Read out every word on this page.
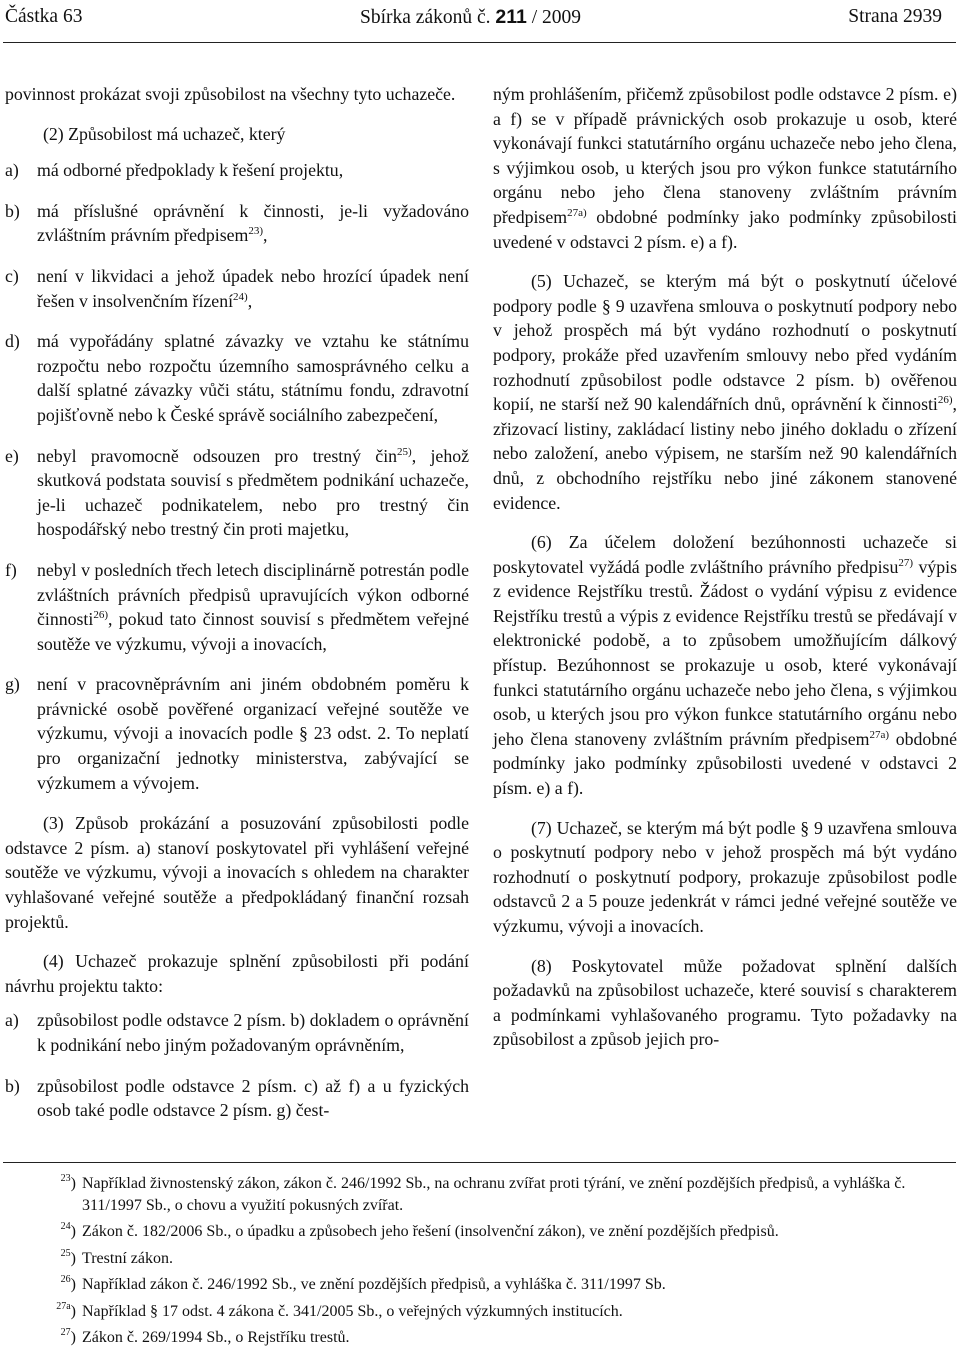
Částka 63	Sbírka zákonů č. 211 / 2009	Strana 2939

povinnost prokázat svoji způsobilost na všechny tyto uchazeče.

(2) Způsobilost má uchazeč, který

a)	má odborné předpoklady k řešení projektu,
b) má příslušné oprávnění k činnosti, je-li vyžadováno zvláštním právním předpisem$^{23)}$,
c)	není v likvidaci a jehož úpadek nebo hrozící úpadek není řešen v insolvenčním řízení$^{24)}$,
d) má vypořádány splatné závazky ve vztahu ke státnímu rozpočtu nebo rozpočtu územního samosprávného celku a další splatné závazky vůči státu, státnímu fondu, zdravotní pojišťovně nebo k České správě sociálního zabezpečení,
e)	nebyl pravomocně odsouzen pro trestný čin$^{25)}$, jehož skutková podstata souvisí s předmětem podnikání uchazeče, je-li uchazeč podnikatelem, nebo pro trestný čin hospodářský nebo trestný čin proti majetku,
f)	nebyl v posledních třech letech disciplinárně potrestán podle zvláštních právních předpisů upravujících výkon odborné činnosti$^{26)}$, pokud tato činnost souvisí s předmětem veřejné soutěže ve výzkumu, vývoji a inovacích,
g) není v pracovněprávním ani jiném obdobném poměru k právnické osobě pověřené organizací veřejné soutěže ve výzkumu, vývoji a inovacích podle § 23 odst. 2. To neplatí pro organizační jednotky ministerstva, zabývající se výzkumem a vývojem.

(3) Způsob prokázání a posuzování způsobilosti podle odstavce 2 písm. a) stanoví poskytovatel při vyhlášení veřejné soutěže ve výzkumu, vývoji a inovacích s ohledem na charakter vyhlašované veřejné soutěže a předpokládaný finanční rozsah projektů.

(4) Uchazeč prokazuje splnění způsobilosti při podání návrhu projektu takto:

a)	způsobilost podle odstavce 2 písm. b) dokladem o oprávnění k podnikání nebo jiným požadovaným oprávněním,
b) způsobilost podle odstavce 2 písm. c) až f) a u fyzických osob také podle odstavce 2 písm. g) čest-

ným prohlášením, přičemž způsobilost podle odstavce 2 písm. e) a f) se v případě právnických osob prokazuje u osob, které vykonávají funkci statutárního orgánu uchazeče nebo jeho člena, s výjimkou osob, u kterých jsou pro výkon funkce statutárního orgánu nebo jeho člena stanoveny zvláštním právním předpisem$^{27a)}$ obdobné podmínky jako podmínky způsobilosti uvedené v odstavci 2 písm. e) a f).

(5) Uchazeč, se kterým má být o poskytnutí účelové podpory podle § 9 uzavřena smlouva o poskytnutí podpory nebo v jehož prospěch má být vydáno rozhodnutí o poskytnutí podpory, prokáže před uzavřením smlouvy nebo před vydáním rozhodnutí způsobilost podle odstavce 2 písm. b) ověřenou kopií, ne starší než 90 kalendářních dnů, oprávnění k činnosti$^{26)}$, zřizovací listiny, zakládací listiny nebo jiného dokladu o zřízení nebo založení, anebo výpisem, ne starším než 90 kalendářních dnů, z obchodního rejstříku nebo jiné zákonem stanovené evidence.

(6) Za účelem doložení bezúhonnosti uchazeče si poskytovatel vyžádá podle zvláštního právního předpisu$^{27)}$ výpis z evidence Rejstříku trestů. Žádost o vydání výpisu z evidence Rejstříku trestů a výpis z evidence Rejstříku trestů se předávají v elektronické podobě, a to způsobem umožňujícím dálkový přístup. Bezúhonnost se prokazuje u osob, které vykonávají funkci statutárního orgánu uchazeče nebo jeho člena, s výjimkou osob, u kterých jsou pro výkon funkce statutárního orgánu nebo jeho člena stanoveny zvláštním právním předpisem$^{27a)}$ obdobné podmínky jako podmínky způsobilosti uvedené v odstavci 2 písm. e) a f).

(7) Uchazeč, se kterým má být podle § 9 uzavřena smlouva o poskytnutí podpory nebo v jehož prospěch má být vydáno rozhodnutí o poskytnutí podpory, prokazuje způsobilost podle odstavců 2 a 5 pouze jedenkrát v rámci jedné veřejné soutěže ve výzkumu, vývoji a inovacích.

(8) Poskytovatel může požadovat splnění dalších požadavků na způsobilost uchazeče, které souvisí s charakterem a podmínkami vyhlašovaného programu. Tyto požadavky na způsobilost a způsob jejich pro-

$^{23}$) Například živnostenský zákon, zákon č. 246/1992 Sb., na ochranu zvířat proti týrání, ve znění pozdějších předpisů, a vyhláška č. 311/1997 Sb., o chovu a využití pokusných zvířat.
$^{24}$) Zákon č. 182/2006 Sb., o úpadku a způsobech jeho řešení (insolvenční zákon), ve znění pozdějších předpisů.
$^{25}$) Trestní zákon.
$^{26}$) Například zákon č. 246/1992 Sb., ve znění pozdějších předpisů, a vyhláška č. 311/1997 Sb.
$^{27a}$) Například § 17 odst. 4 zákona č. 341/2005 Sb., o veřejných výzkumných institucích.
$^{27}$) Zákon č. 269/1994 Sb., o Rejstříku trestů.
